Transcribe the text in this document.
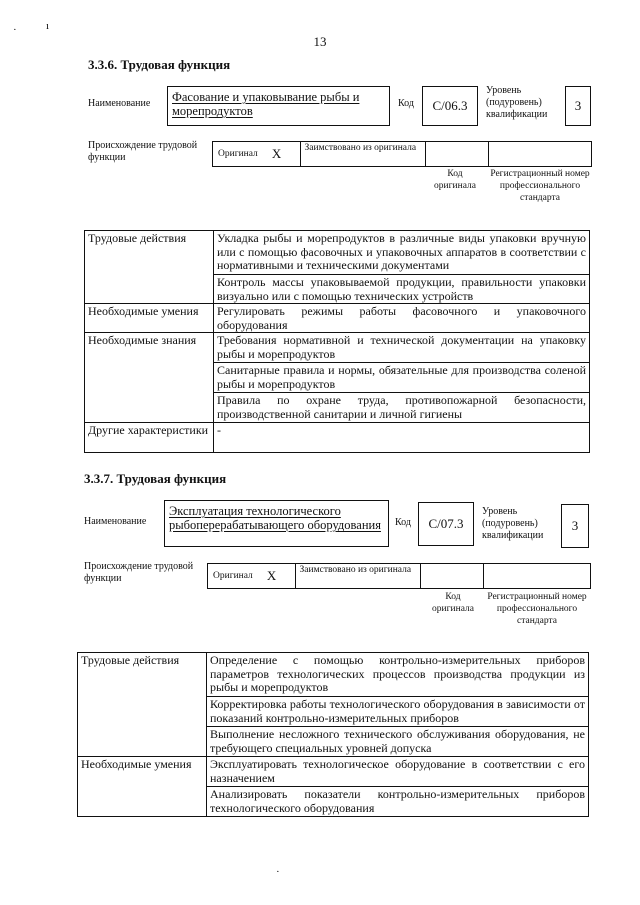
13
·	ı
3.3.6. Трудовая функция
Наименование	Фасование и упаковывание рыбы и морепродуктов
Код	С/06.3
Уровень (подуровень) квалификации
3
Происхождение трудовой функции	Оригинал X	Заимствовано из оригинала
Код оригинала
Регистрационный номер профессионального стандарта
Трудовые действия	Укладка рыбы и морепродуктов в различные виды упаковки вручную или с помощью фасовочных и упаковочных аппаратов в соответствии с нормативными и техническими документами
	Контроль массы упаковываемой продукции, правильности упаковки визуально или с помощью технических устройств
Необходимые умения	Регулировать режимы работы фасовочного и упаковочного оборудования
Необходимые знания	Требования нормативной и технической документации на упаковку рыбы и морепродуктов
	Санитарные правила и нормы, обязательные для производства соленой рыбы и морепродуктов
	Правила по охране труда, противопожарной безопасности, производственной санитарии и личной гигиены
Другие характеристики	-
3.3.7. Трудовая функция
Наименование
Эксплуатация технологического рыбоперерабатывающего оборудования	Код	С/07.3
Уровень (подуровень) квалификации
3
Происхождение трудовой функции	Оригинал X	Заимствовано из оригинала
Код оригинала
Регистрационный номер профессионального стандарта
Трудовые действия	Определение с помощью контрольно-измерительных приборов параметров технологических процессов производства продукции из рыбы и морепродуктов
	Корректировка работы технологического оборудования в зависимости от показаний контрольно-измерительных приборов
	Выполнение несложного технического обслуживания оборудования, не требующего специальных уровней допуска
Необходимые умения	Эксплуатировать технологическое оборудование в соответствии с его назначением
	Анализировать показатели контрольно-измерительных приборов технологического оборудования
·
